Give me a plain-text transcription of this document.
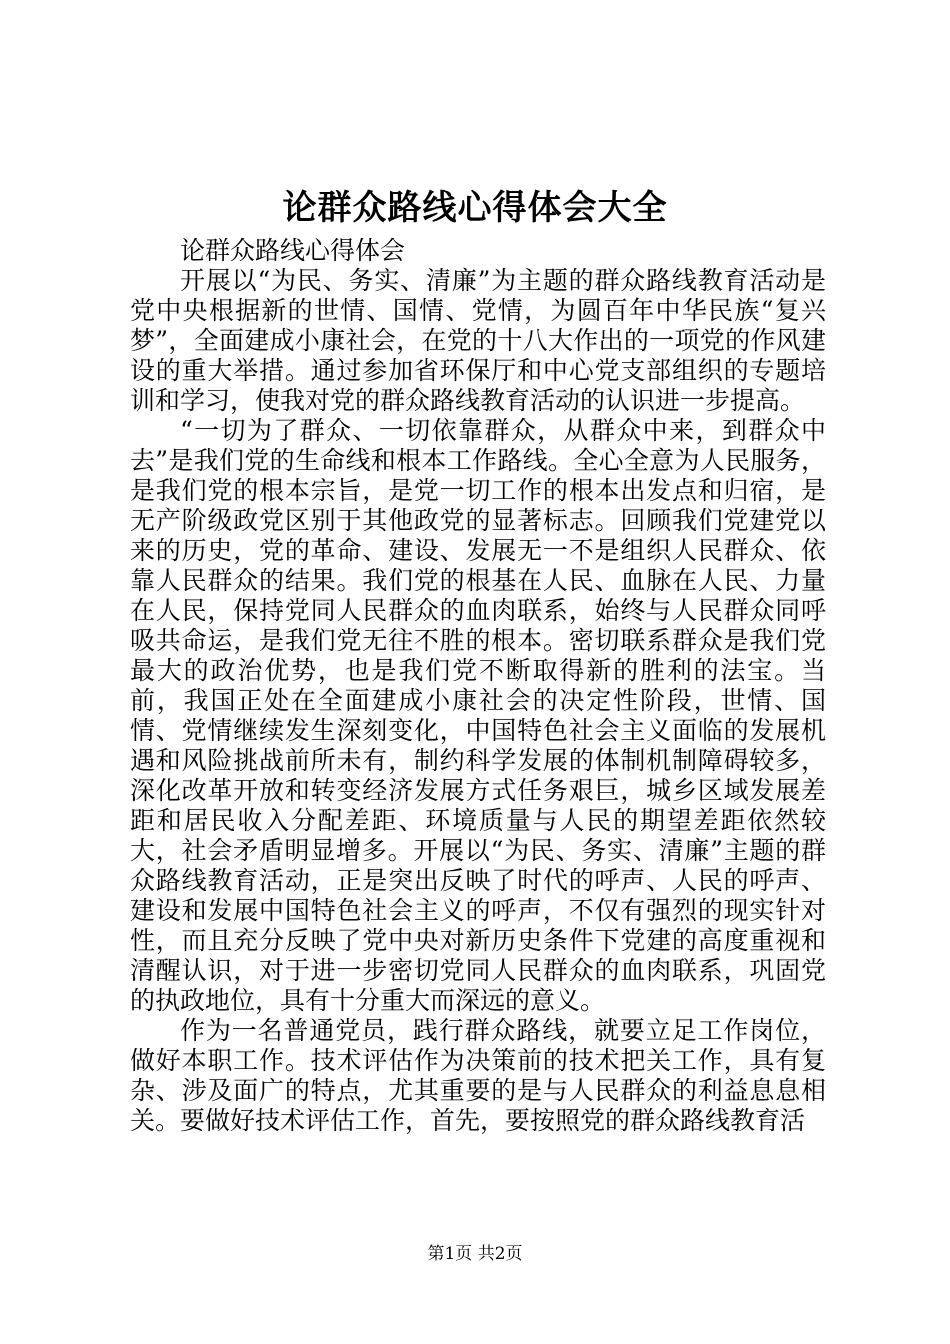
论群众路线心得体会大全

论群众路线心得体会

开展以“为民、务实、清廉”为主题的群众路线教育活动是党中央根据新的世情、国情、党情，为圆百年中华民族“复兴梦”，全面建成小康社会，在党的十八大作出的一项党的作风建设的重大举措。通过参加省环保厅和中心党支部组织的专题培训和学习，使我对党的群众路线教育活动的认识进一步提高。

“一切为了群众、一切依靠群众，从群众中来，到群众中去”是我们党的生命线和根本工作路线。全心全意为人民服务，是我们党的根本宗旨，是党一切工作的根本出发点和归宿，是无产阶级政党区别于其他政党的显著标志。回顾我们党建党以来的历史，党的革命、建设、发展无一不是组织人民群众、依靠人民群众的结果。我们党的根基在人民、血脉在人民、力量在人民，保持党同人民群众的血肉联系，始终与人民群众同呼吸共命运，是我们党无往不胜的根本。密切联系群众是我们党最大的政治优势，也是我们党不断取得新的胜利的法宝。当前，我国正处在全面建成小康社会的决定性阶段，世情、国情、党情继续发生深刻变化，中国特色社会主义面临的发展机遇和风险挑战前所未有，制约科学发展的体制机制障碍较多，深化改革开放和转变经济发展方式任务艰巨，城乡区域发展差距和居民收入分配差距、环境质量与人民的期望差距依然较大，社会矛盾明显增多。开展以“为民、务实、清廉”主题的群众路线教育活动，正是突出反映了时代的呼声、人民的呼声、建设和发展中国特色社会主义的呼声，不仅有强烈的现实针对性，而且充分反映了党中央对新历史条件下党建的高度重视和清醒认识，对于进一步密切党同人民群众的血肉联系，巩固党的执政地位，具有十分重大而深远的意义。

作为一名普通党员，践行群众路线，就要立足工作岗位，做好本职工作。技术评估作为决策前的技术把关工作，具有复杂、涉及面广的特点，尤其重要的是与人民群众的利益息息相关。要做好技术评估工作，首先，要按照党的群众路线教育活

第1页 共2页
